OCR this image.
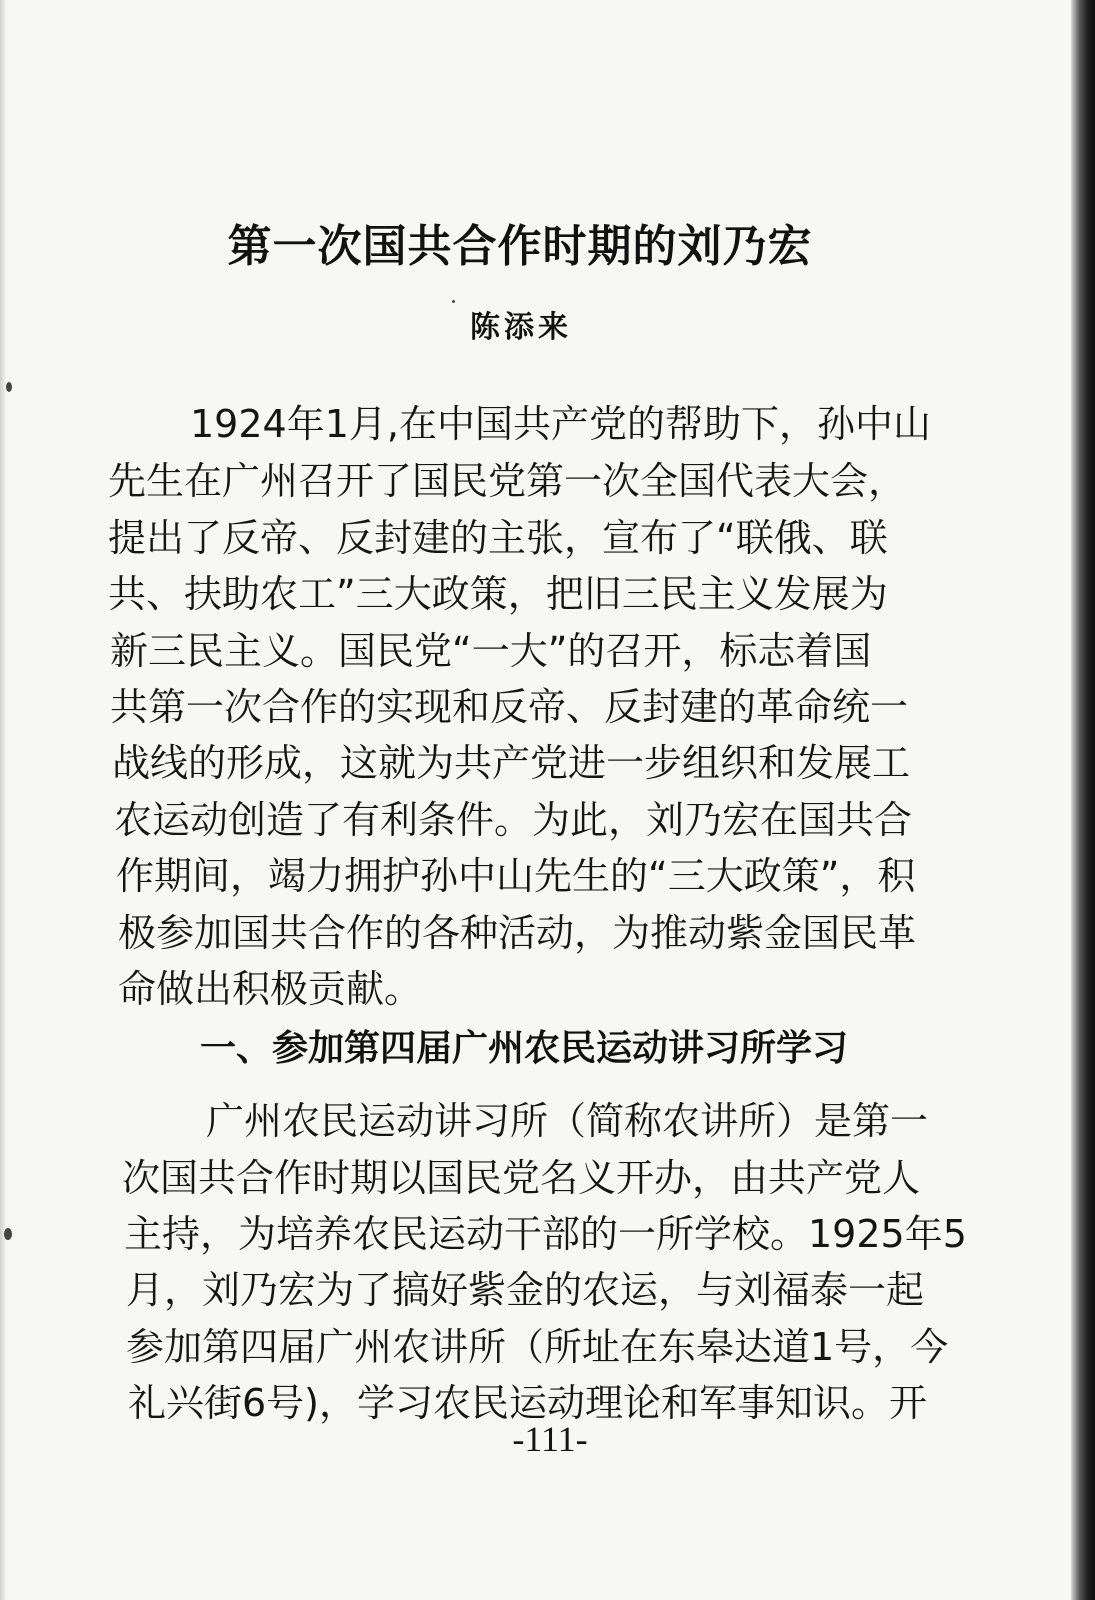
第一次国共合作时期的刘乃宏
陈添来
1924年1月,在中国共产党的帮助下，孙中山
先生在广州召开了国民党第一次全国代表大会，
提出了反帝、反封建的主张，宣布了“联俄、联
共、扶助农工”三大政策，把旧三民主义发展为
新三民主义。国民党“一大”的召开，标志着国
共第一次合作的实现和反帝、反封建的革命统一
战线的形成，这就为共产党进一步组织和发展工
农运动创造了有利条件。为此，刘乃宏在国共合
作期间，竭力拥护孙中山先生的“三大政策”，积
极参加国共合作的各种活动，为推动紫金国民革
命做出积极贡献。
一、参加第四届广州农民运动讲习所学习
广州农民运动讲习所（简称农讲所）是第一
次国共合作时期以国民党名义开办，由共产党人
主持，为培养农民运动干部的一所学校。1925年5
月，刘乃宏为了搞好紫金的农运，与刘福泰一起
参加第四届广州农讲所（所址在东皋达道1号，今
礼兴街6号)，学习农民运动理论和军事知识。开
-111-
